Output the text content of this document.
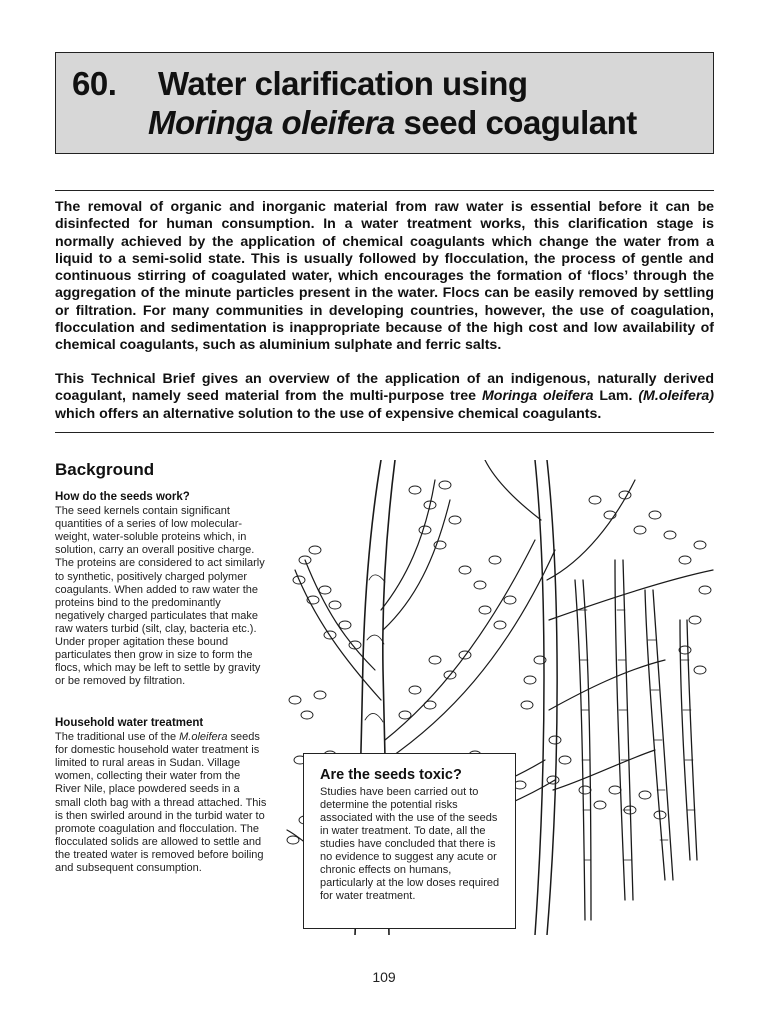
60. Water clarification using
Moringa oleifera seed coagulant

The removal of organic and inorganic material from raw water is essential before it can be disinfected for human consumption. In a water treatment works, this clarification stage is normally achieved by the application of chemical coagulants which change the water from a liquid to a semi-solid state. This is usually followed by flocculation, the process of gentle and continuous stirring of coagulated water, which encourages the formation of ‘flocs’ through the aggregation of the minute particles present in the water. Flocs can be easily removed by settling or filtration. For many communities in developing countries, however, the use of coagulation, flocculation and sedimentation is inappropriate because of the high cost and low availability of chemical coagulants, such as aluminium sulphate and ferric salts.

This Technical Brief gives an overview of the application of an indigenous, naturally derived coagulant, namely seed material from the multi-purpose tree Moringa oleifera Lam. (M.oleifera) which offers an alternative solution to the use of expensive chemical coagulants.

Background
How do the seeds work?
The seed kernels contain significant quantities of a series of low molecular-weight, water-soluble proteins which, in solution, carry an overall positive charge. The proteins are considered to act similarly to synthetic, positively charged polymer coagulants. When added to raw water the proteins bind to the predominantly negatively charged particulates that make raw waters turbid (silt, clay, bacteria etc.). Under proper agitation these bound particulates then grow in size to form the flocs, which may be left to settle by gravity or be removed by filtration.
Household water treatment
The traditional use of the M.oleifera seeds for domestic household water treatment is limited to rural areas in Sudan. Village women, collecting their water from the River Nile, place powdered seeds in a small cloth bag with a thread attached. This is then swirled around in the turbid water to promote coagulation and flocculation. The flocculated solids are allowed to settle and the treated water is removed before boiling and subsequent consumption.
Are the seeds toxic?
Studies have been carried out to determine the potential risks associated with the use of the seeds in water treatment. To date, all the studies have concluded that there is no evidence to suggest any acute or chronic effects on humans, particularly at the low doses required for water treatment.
109
